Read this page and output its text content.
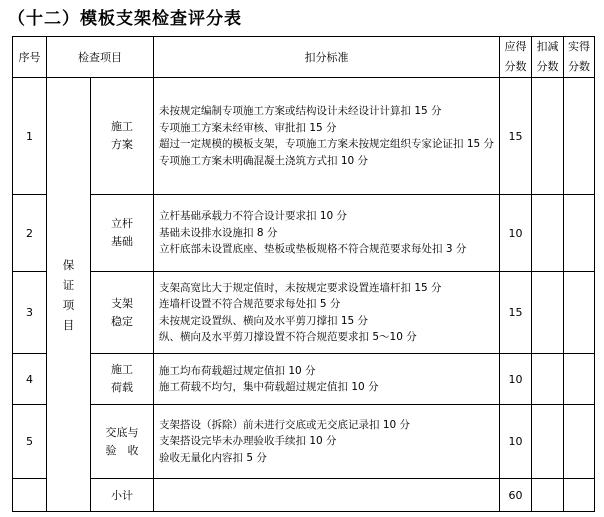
（十二）模板支架检查评分表
序号	检查项目		扣分标准	应得分数	扣减分数	实得分数
1	保证项目	施工方案	未按规定编制专项施工方案或结构设计未经设计计算扣 15 分
专项施工方案未经审核、审批扣 15 分
超过一定规模的模板支架，专项施工方案未按规定组织专家论证扣 15 分
专项施工方案未明确混凝土浇筑方式扣 10 分	15		
2		立杆基础	立杆基础承载力不符合设计要求扣 10 分
基础未设排水设施扣 8 分
立杆底部未设置底座、垫板或垫板规格不符合规范要求每处扣 3 分	10		
3		支架稳定	支架高宽比大于规定值时，未按规定要求设置连墙杆扣 15 分
连墙杆设置不符合规范要求每处扣 5 分
未按规定设置纵、横向及水平剪刀撑扣 15 分
纵、横向及水平剪刀撑设置不符合规范要求扣 5～10 分	15		
4		施工荷载	施工均布荷载超过规定值扣 10 分
施工荷载不均匀，集中荷载超过规定值扣 10 分	10		
5		交底与验　收	支架搭设（拆除）前未进行交底或无交底记录扣 10 分
支架搭设完毕未办理验收手续扣 10 分
验收无量化内容扣 5 分	10		
		小计		60		
